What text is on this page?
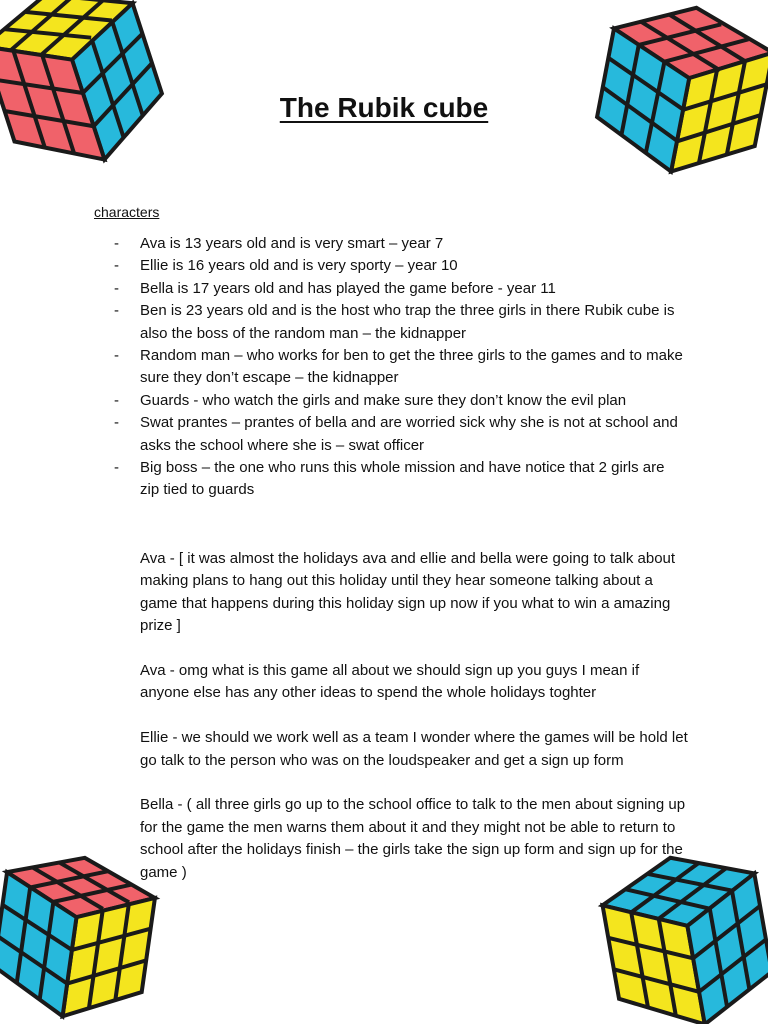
The Rubik cube
characters
- Ava is 13 years old and is very smart – year 7
- Ellie is 16 years old and is very sporty – year 10
- Bella is 17 years old and has played the game before - year 11
- Ben is 23 years old and is the host who trap the three girls in there Rubik cube is also the boss of the random man – the kidnapper
- Random man – who works for ben to get the three girls to the games and to make sure they don’t escape – the kidnapper
- Guards - who watch the girls and make sure they don’t know the evil plan
- Swat prantes – prantes of bella and are worried sick why she is not at school and asks the school where she is – swat officer
- Big boss – the one who runs this whole mission and have notice that 2 girls are zip tied to guards

Ava - [ it was almost the holidays ava and ellie and bella were going to talk about making plans to hang out this holiday until they hear someone talking about a game that happens during this holiday sign up now if you what to win a amazing prize ]

Ava - omg what is this game all about we should sign up you guys I mean if anyone else has any other ideas to spend the whole holidays toghter

Ellie - we should we work well as a team I wonder where the games will be hold let go talk to the person who was on the loudspeaker and get a sign up form

Bella - ( all three girls go up to the school office to talk to the men about signing up for the game the men warns them about it and they might not be able to return to school after the holidays finish – the girls take the sign up form and sign up for the game )
